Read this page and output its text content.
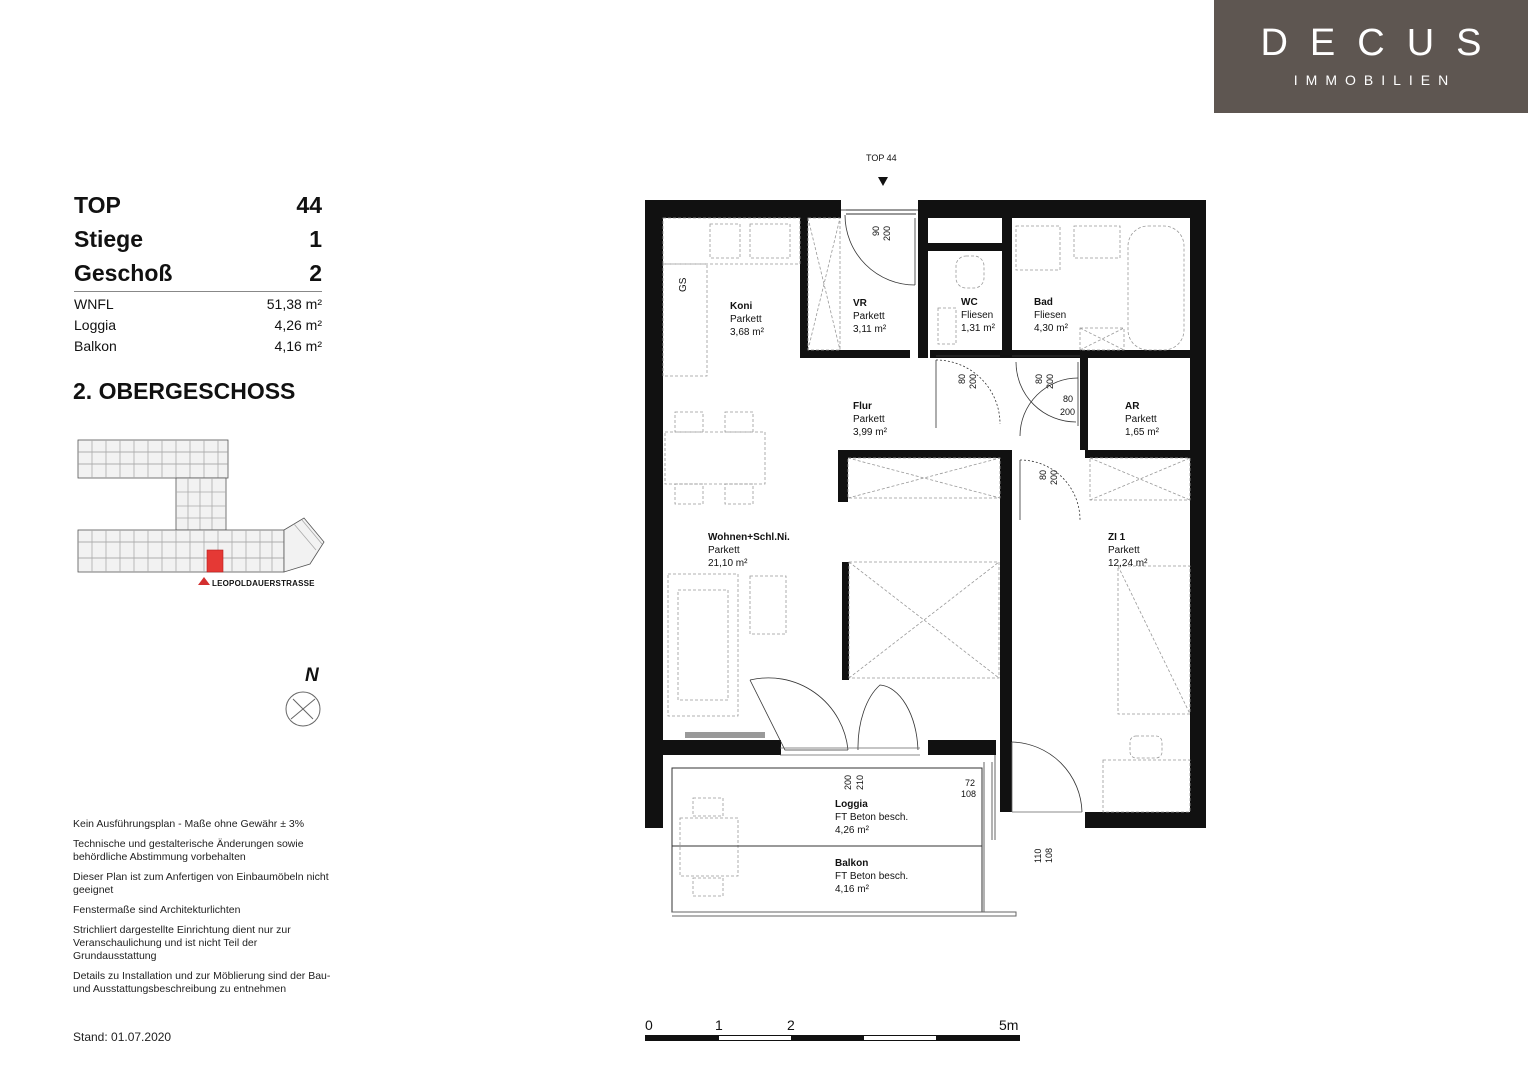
DECUS
IMMOBILIEN
TOP	44
Stiege	1
Geschoß	2
WNFL	51,38 m²
Loggia	4,26 m²
Balkon	4,16 m²
2. OBERGESCHOSS
LEOPOLDAUERSTRASSE
N
Kein Ausführungsplan - Maße ohne Gewähr ± 3%
Technische und gestalterische Änderungen sowie behördliche Abstimmung vorbehalten
Dieser Plan ist zum Anfertigen von Einbaumöbeln nicht geeignet
Fenstermaße sind Architekturlichten
Strichliert dargestellte Einrichtung dient nur zur Veranschaulichung und ist nicht Teil der Grundausstattung
Details zu Installation und zur Möblierung sind der Bau- und Ausstattungsbeschreibung zu entnehmen
Stand: 01.07.2020
TOP 44
Koni
Parkett
3,68 m²
VR
Parkett
3,11 m²
WC
Fliesen
1,31 m²
Bad
Fliesen
4,30 m²
Flur
Parkett
3,99 m²
AR
Parkett
1,65 m²
Wohnen+Schl.Ni.
Parkett
21,10 m²
ZI 1
Parkett
12,24 m²
Loggia
FT Beton besch.
4,26 m²
Balkon
FT Beton besch.
4,16 m²
GS
90 200
80 200	80 200
80
200
80 200
200 210	72
108
110 108
0	1	2	5m
